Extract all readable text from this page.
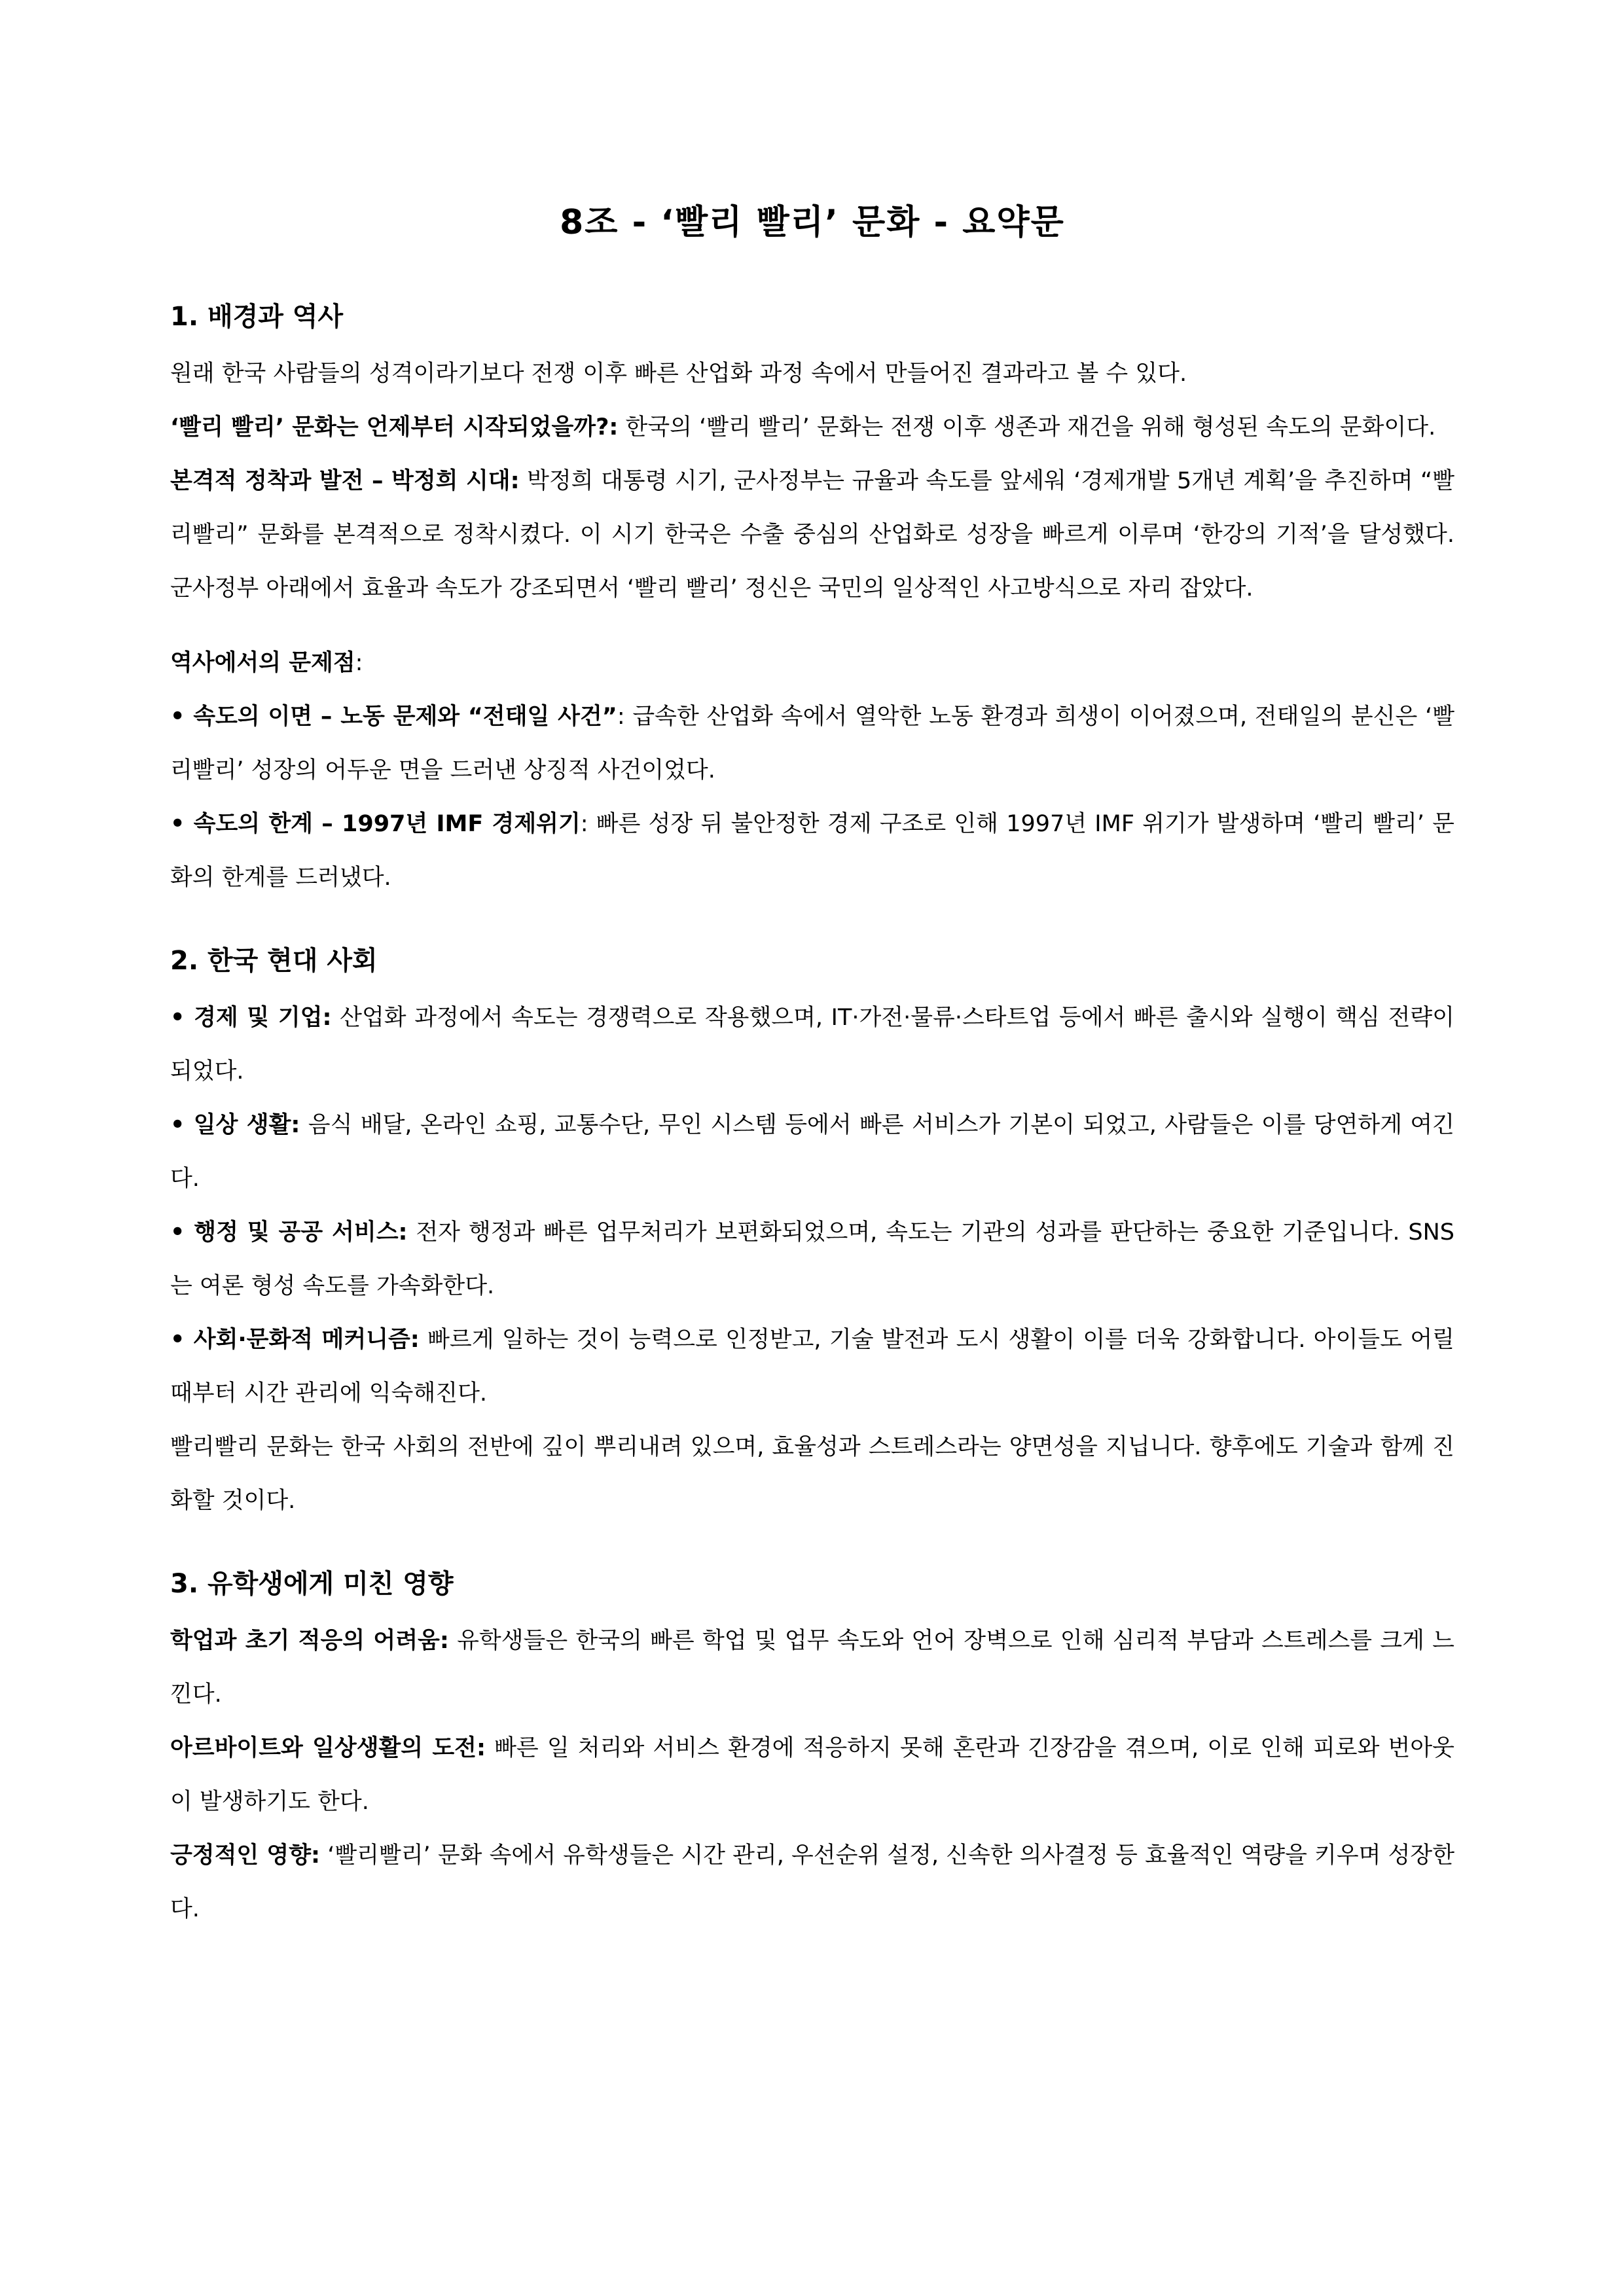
8조 - ‘빨리 빨리’ 문화 - 요약문
1. 배경과 역사

원래 한국 사람들의 성격이라기보다 전쟁 이후 빠른 산업화 과정 속에서 만들어진 결과라고 볼 수 있다.

‘빨리 빨리’ 문화는 언제부터 시작되었을까?: 한국의 ‘빨리 빨리’ 문화는 전쟁 이후 생존과 재건을 위해 형성된 속도의 문화이다.

본격적 정착과 발전 – 박정희 시대: 박정희 대통령 시기, 군사정부는 규율과 속도를 앞세워 ‘경제개발 5개년 계획’을 추진하며 “빨리빨리” 문화를 본격적으로 정착시켰다. 이 시기 한국은 수출 중심의 산업화로 성장을 빠르게 이루며 ‘한강의 기적’을 달성했다. 군사정부 아래에서 효율과 속도가 강조되면서 ‘빨리 빨리’ 정신은 국민의 일상적인 사고방식으로 자리 잡았다.

역사에서의 문제점:

• 속도의 이면 – 노동 문제와 “전태일 사건”: 급속한 산업화 속에서 열악한 노동 환경과 희생이 이어졌으며, 전태일의 분신은 ‘빨리빨리’ 성장의 어두운 면을 드러낸 상징적 사건이었다.

• 속도의 한계 – 1997년 IMF 경제위기: 빠른 성장 뒤 불안정한 경제 구조로 인해 1997년 IMF 위기가 발생하며 ‘빨리 빨리’ 문화의 한계를 드러냈다.

2. 한국 현대 사회

• 경제 및 기업: 산업화 과정에서 속도는 경쟁력으로 작용했으며, IT·가전·물류·스타트업 등에서 빠른 출시와 실행이 핵심 전략이 되었다.

• 일상 생활: 음식 배달, 온라인 쇼핑, 교통수단, 무인 시스템 등에서 빠른 서비스가 기본이 되었고, 사람들은 이를 당연하게 여긴다.

• 행정 및 공공 서비스: 전자 행정과 빠른 업무처리가 보편화되었으며, 속도는 기관의 성과를 판단하는 중요한 기준입니다. SNS는 여론 형성 속도를 가속화한다.

• 사회·문화적 메커니즘: 빠르게 일하는 것이 능력으로 인정받고, 기술 발전과 도시 생활이 이를 더욱 강화합니다. 아이들도 어릴 때부터 시간 관리에 익숙해진다.

빨리빨리 문화는 한국 사회의 전반에 깊이 뿌리내려 있으며, 효율성과 스트레스라는 양면성을 지닙니다. 향후에도 기술과 함께 진화할 것이다.

3. 유학생에게 미친 영향

학업과 초기 적응의 어려움: 유학생들은 한국의 빠른 학업 및 업무 속도와 언어 장벽으로 인해 심리적 부담과 스트레스를 크게 느낀다.

아르바이트와 일상생활의 도전: 빠른 일 처리와 서비스 환경에 적응하지 못해 혼란과 긴장감을 겪으며, 이로 인해 피로와 번아웃이 발생하기도 한다.

긍정적인 영향: ‘빨리빨리’ 문화 속에서 유학생들은 시간 관리, 우선순위 설정, 신속한 의사결정 등 효율적인 역량을 키우며 성장한다.
